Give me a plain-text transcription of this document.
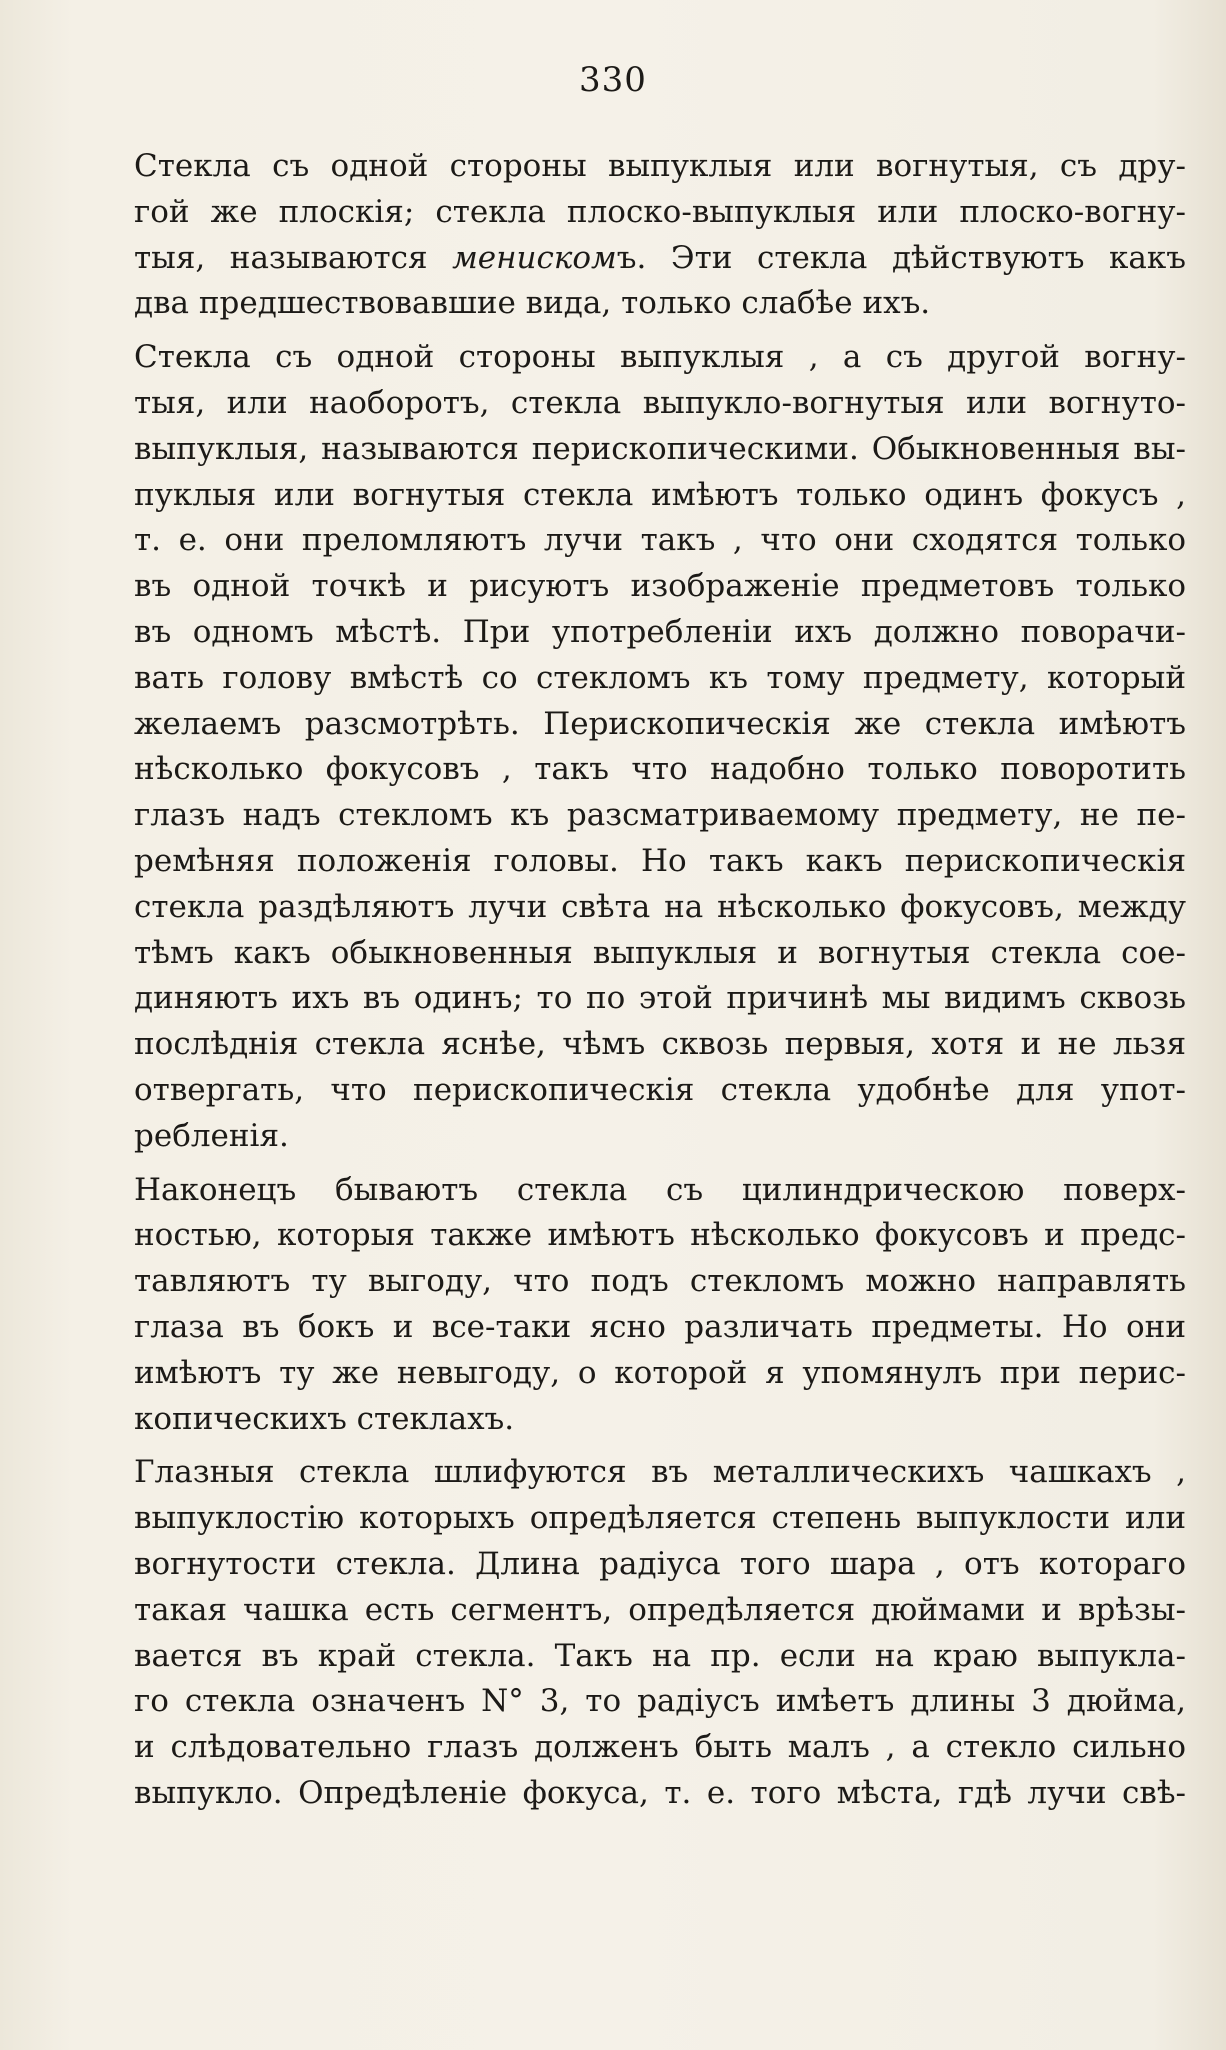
330
Стекла съ одной стороны выпуклыя или вогнутыя, съ дру-
гой же плоскія; стекла плоско-выпуклыя или плоско-вогну-
тыя, называются менискомъ. Эти стекла дѣйствуютъ какъ
два предшествовавшие вида, только слабѣе ихъ.
Стекла съ одной стороны выпуклыя , а съ другой вогну-
тыя, или наоборотъ, стекла выпукло-вогнутыя или вогнуто-
выпуклыя, называются перископическими. Обыкновенныя вы-
пуклыя или вогнутыя стекла имѣютъ только одинъ фокусъ ,
т. е. они преломляютъ лучи такъ , что они сходятся только
въ одной точкѣ и рисуютъ изображеніе предметовъ только
въ одномъ мѣстѣ. При употребленіи ихъ должно поворачи-
вать голову вмѣстѣ со стекломъ къ тому предмету, который
желаемъ разсмотрѣть. Перископическія же стекла имѣютъ
нѣсколько фокусовъ , такъ что надобно только поворотить
глазъ надъ стекломъ къ разсматриваемому предмету, не пе-
ремѣняя положенія головы. Но такъ какъ перископическія
стекла раздѣляютъ лучи свѣта на нѣсколько фокусовъ, между
тѣмъ какъ обыкновенныя выпуклыя и вогнутыя стекла сое-
диняютъ ихъ въ одинъ; то по этой причинѣ мы видимъ сквозь
послѣднія стекла яснѣе, чѣмъ сквозь первыя, хотя и не льзя
отвергать, что перископическія стекла удобнѣе для упот-
ребленія.
Наконецъ бываютъ стекла съ цилиндрическою поверх-
ностью, которыя также имѣютъ нѣсколько фокусовъ и предс-
тавляютъ ту выгоду, что подъ стекломъ можно направлять
глаза въ бокъ и все-таки ясно различать предметы. Но они
имѣютъ ту же невыгоду, о которой я упомянулъ при перис-
копическихъ стеклахъ.
Глазныя стекла шлифуются въ металлическихъ чашкахъ ,
выпуклостію которыхъ опредѣляется степень выпуклости или
вогнутости стекла. Длина радіуса того шара , отъ котораго
такая чашка есть сегментъ, опредѣляется дюймами и врѣзы-
вается въ край стекла. Такъ на пр. если на краю выпукла-
го стекла означенъ N° 3, то радіусъ имѣетъ длины 3 дюйма,
и слѣдовательно глазъ долженъ быть малъ , а стекло сильно
выпукло. Опредѣленіе фокуса, т. е. того мѣста, гдѣ лучи свѣ-
